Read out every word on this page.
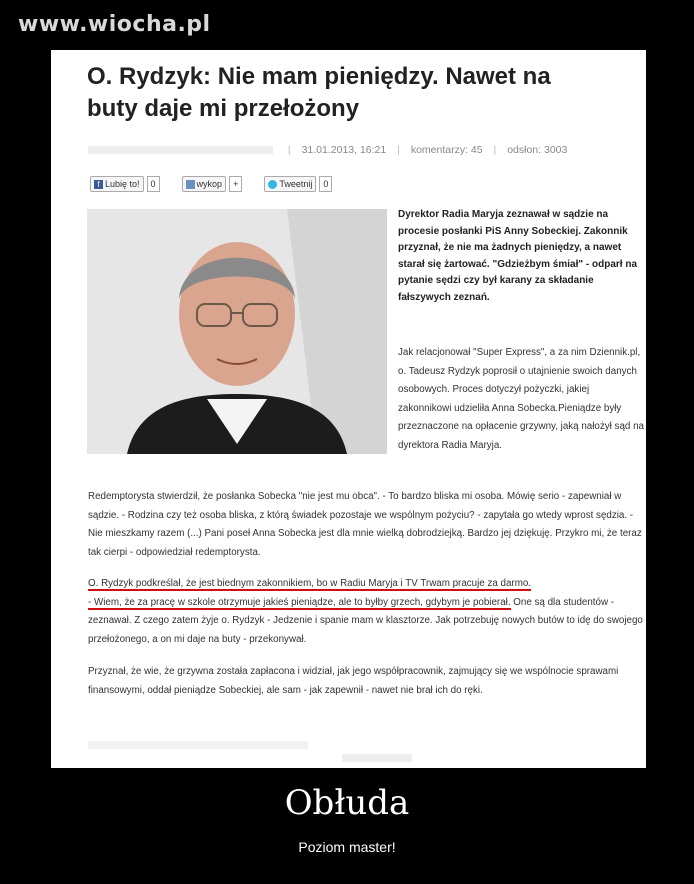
www.wiocha.pl
O. Rydzyk: Nie mam pieniędzy. Nawet na
buty daje mi przełożony
| 31.01.2013, 16:21 | komentarzy: 45 | odsłon: 3003
f Lubię to!	0	wykop	+	Tweetnij	0
Dyrektor Radia Maryja zeznawał w sądzie na procesie posłanki PiS Anny Sobeckiej. Zakonnik przyznał, że nie ma żadnych pieniędzy, a nawet starał się żartować. "Gdzieżbym śmiał" - odparł na pytanie sędzi czy był karany za składanie fałszywych zeznań.
Jak relacjonował "Super Express", a za nim Dziennik.pl, o. Tadeusz Rydzyk poprosił o utajnienie swoich danych osobowych. Proces dotyczył pożyczki, jakiej zakonnikowi udzieliła Anna Sobecka.Pieniądze były przeznaczone na opłacenie grzywny, jaką nałożył sąd na dyrektora Radia Maryja.
Redemptorysta stwierdził, że posłanka Sobecka "nie jest mu obca". - To bardzo bliska mi osoba. Mówię serio - zapewniał w sądzie. - Rodzina czy też osoba bliska, z którą świadek pozostaje we wspólnym pożyciu? - zapytała go wtedy wprost sędzia. - Nie mieszkamy razem (...) Pani poseł Anna Sobecka jest dla mnie wielką dobrodziejką. Bardzo jej dziękuję. Przykro mi, że teraz tak cierpi - odpowiedział redemptorysta.
O. Rydzyk podkreślał, że jest biednym zakonnikiem, bo w Radiu Maryja i TV Trwam pracuje za darmo.
- Wiem, że za pracę w szkole otrzymuje jakieś pieniądze, ale to byłby grzech, gdybym je pobierał. One są dla studentów - zeznawał. Z czego zatem żyje o. Rydzyk - Jedzenie i spanie mam w klasztorze. Jak potrzebuję nowych butów to idę do swojego przełożonego, a on mi daje na buty - przekonywał.
Przyznał, że wie, że grzywna została zapłacona i widział, jak jego współpracownik, zajmujący się we wspólnocie sprawami finansowymi, oddał pieniądze Sobeckiej, ale sam - jak zapewnił - nawet nie brał ich do ręki.
Obłuda
Poziom master!
